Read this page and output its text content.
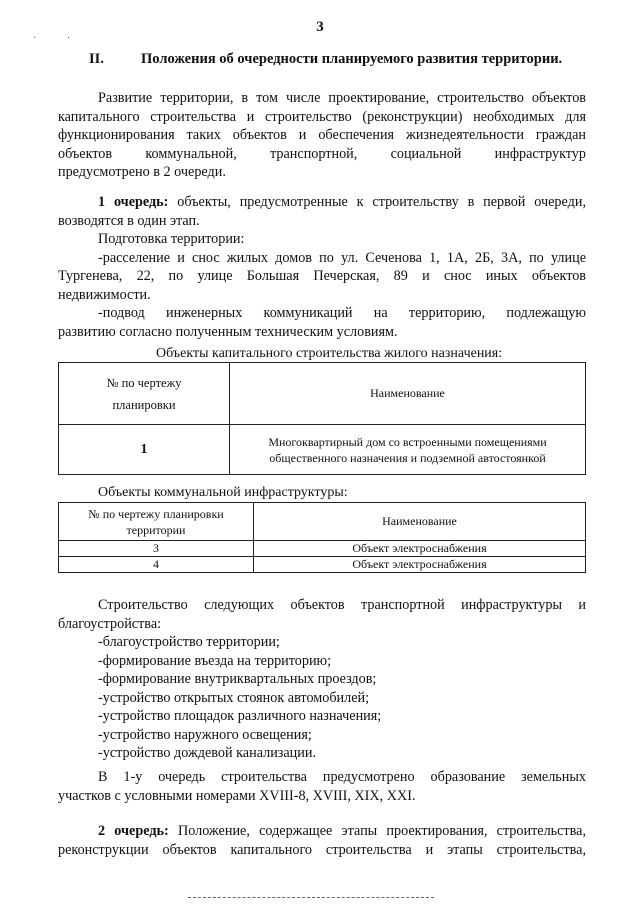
3
· ·
II.	Положения об очередности планируемого развития территории.
Развитие территории, в том числе проектирование, строительство объектов
капитального строительства и строительство (реконструкции) необходимых для
функционирования таких объектов и обеспечения жизнедеятельности граждан
объектов коммунальной, транспортной, социальной инфраструктур
предусмотрено в 2 очереди.
1 очередь: объекты, предусмотренные к строительству в первой очереди,
возводятся в один этап.
Подготовка территории:
-расселение и снос жилых домов по ул. Сеченова 1, 1А, 2Б, 3А, по улице
Тургенева, 22, по улице Большая Печерская, 89 и снос иных объектов
недвижимости.
-подвод инженерных коммуникаций на территорию, подлежащую
развитию согласно полученным техническим условиям.
Объекты капитального строительства жилого назначения:
№ по чертежу
планировки	Наименование
1	Многоквартирный дом со встроенными помещениями общественного назначения и подземной автостоянкой
Объекты коммунальной инфраструктуры:
№ по чертежу планировки территории	Наименование
3	Объект электроснабжения
4	Объект электроснабжения
Строительство следующих объектов транспортной инфраструктуры и
благоустройства:
-благоустройство территории;
-формирование въезда на территорию;
-формирование внутриквартальных проездов;
-устройство открытых стоянок автомобилей;
-устройство площадок различного назначения;
-устройство наружного освещения;
-устройство дождевой канализации.
В 1-у очередь строительства предусмотрено образование земельных
участков с условными номерами XVIII-8, XVIII, XIX, XXI.
2 очередь: Положение, содержащее этапы проектирования, строительства,
реконструкции объектов капитального строительства и этапы строительства,
